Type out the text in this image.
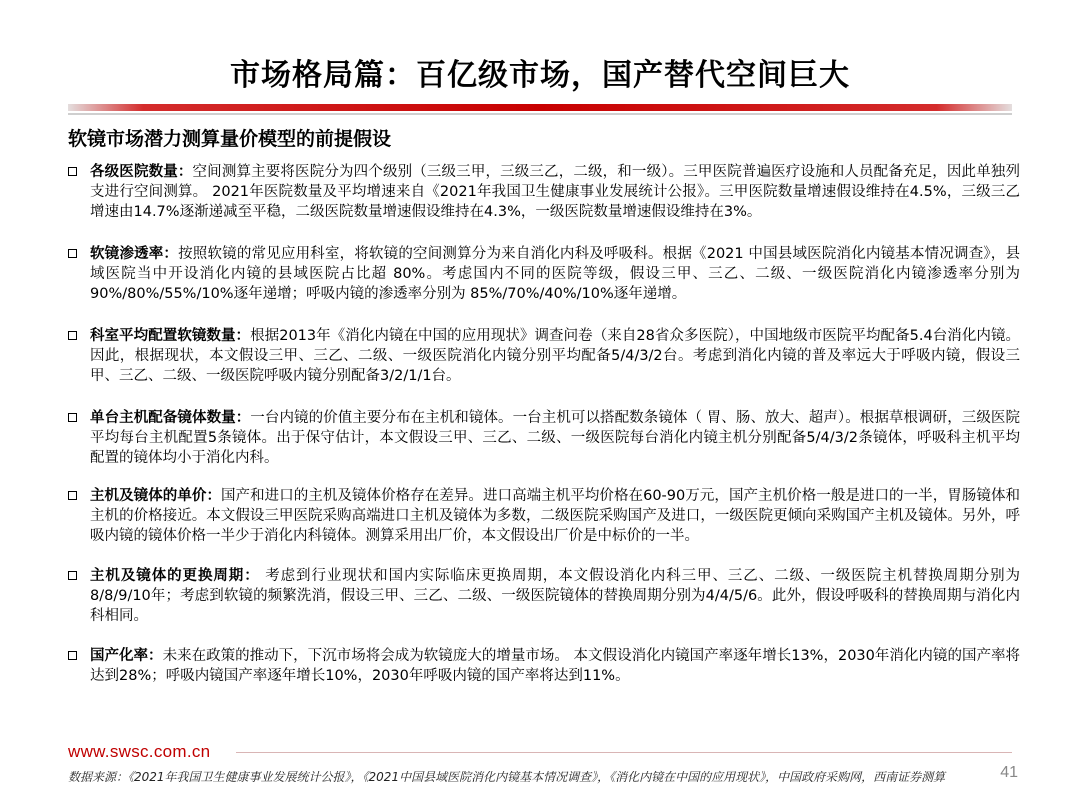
市场格局篇：百亿级市场，国产替代空间巨大
软镜市场潜力测算量价模型的前提假设
各级医院数量：空间测算主要将医院分为四个级别（三级三甲，三级三乙，二级，和一级）。三甲医院普遍医疗设施和人员配备充足，因此单独列支进行空间测算。 2021年医院数量及平均增速来自《2021年我国卫生健康事业发展统计公报》。三甲医院数量增速假设维持在4.5%，三级三乙增速由14.7%逐渐递减至平稳，二级医院数量增速假设维持在4.3%，一级医院数量增速假设维持在3%。
软镜渗透率：按照软镜的常见应用科室，将软镜的空间测算分为来自消化内科及呼吸科。根据《2021 中国县域医院消化内镜基本情况调查》，县域医院当中开设消化内镜的县域医院占比超 80%。考虑国内不同的医院等级，假设三甲、三乙、二级、一级医院消化内镜渗透率分别为90%/80%/55%/10%逐年递增；呼吸内镜的渗透率分别为 85%/70%/40%/10%逐年递增。
科室平均配置软镜数量：根据2013年《消化内镜在中国的应用现状》调查问卷（来自28省众多医院），中国地级市医院平均配备5.4台消化内镜。因此，根据现状，本文假设三甲、三乙、二级、一级医院消化内镜分别平均配备5/4/3/2台。考虑到消化内镜的普及率远大于呼吸内镜，假设三甲、三乙、二级、一级医院呼吸内镜分别配备3/2/1/1台。
单台主机配备镜体数量：一台内镜的价值主要分布在主机和镜体。一台主机可以搭配数条镜体（ 胃、肠、放大、超声）。根据草根调研，三级医院平均每台主机配置5条镜体。出于保守估计，本文假设三甲、三乙、二级、一级医院每台消化内镜主机分别配备5/4/3/2条镜体，呼吸科主机平均配置的镜体均小于消化内科。
主机及镜体的单价：国产和进口的主机及镜体价格存在差异。进口高端主机平均价格在60-90万元，国产主机价格一般是进口的一半，胃肠镜体和主机的价格接近。本文假设三甲医院采购高端进口主机及镜体为多数，二级医院采购国产及进口，一级医院更倾向采购国产主机及镜体。另外，呼吸内镜的镜体价格一半少于消化内科镜体。测算采用出厂价，本文假设出厂价是中标价的一半。
主机及镜体的更换周期： 考虑到行业现状和国内实际临床更换周期，本文假设消化内科三甲、三乙、二级、一级医院主机替换周期分别为8/8/9/10年；考虑到软镜的频繁洗消，假设三甲、三乙、二级、一级医院镜体的替换周期分别为4/4/5/6。此外，假设呼吸科的替换周期与消化内科相同。
国产化率：未来在政策的推动下，下沉市场将会成为软镜庞大的增量市场。 本文假设消化内镜国产率逐年增长13%，2030年消化内镜的国产率将达到28%；呼吸内镜国产率逐年增长10%，2030年呼吸内镜的国产率将达到11%。
www.swsc.com.cn
数据来源：《2021年我国卫生健康事业发展统计公报》，《2021中国县域医院消化内镜基本情况调查》，《消化内镜在中国的应用现状》，中国政府采购网，西南证券测算	41
